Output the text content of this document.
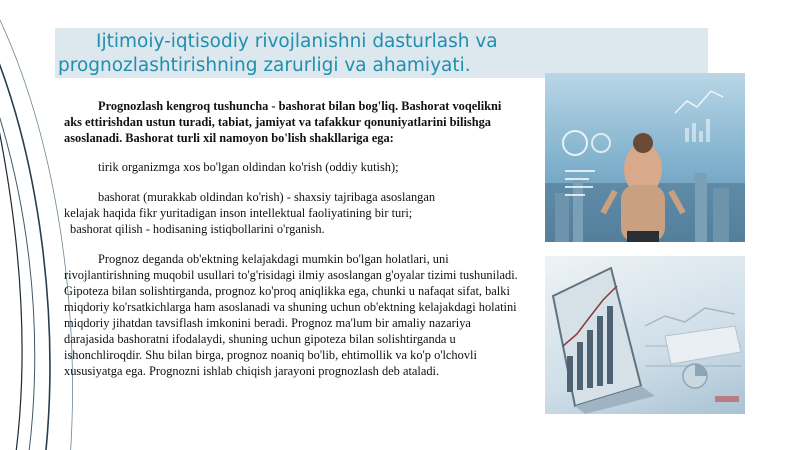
Ijtimoiy-iqtisodiy rivojlanishni dasturlash va
prognozlashtirishning zarurligi va ahamiyati.

Prognozlash kengroq tushuncha - bashorat bilan bog'liq. Bashorat voqelikni aks ettirishdan ustun turadi, tabiat, jamiyat va tafakkur qonuniyatlarini bilishga asoslanadi. Bashorat turli xil namoyon bo'lish shakllariga ega:

tirik organizmga xos bo'lgan oldindan ko'rish (oddiy kutish);

bashorat (murakkab oldindan ko'rish) - shaxsiy tajribaga asoslangan
kelajak haqida fikr yuritadigan inson intellektual faoliyatining bir turi;
bashorat qilish - hodisaning istiqbollarini o'rganish.

Prognoz deganda ob'ektning kelajakdagi mumkin bo'lgan holatlari, uni rivojlantirishning muqobil usullari to'g'risidagi ilmiy asoslangan g'oyalar tizimi tushuniladi. Gipoteza bilan solishtirganda, prognoz ko'proq aniqlikka ega, chunki u nafaqat sifat, balki miqdoriy ko'rsatkichlarga ham asoslanadi va shuning uchun ob'ektning kelajakdagi holatini miqdoriy jihatdan tavsiflash imkonini beradi. Prognoz ma'lum bir amaliy nazariya darajasida bashoratni ifodalaydi, shuning uchun gipoteza bilan solishtirganda u ishonchliroqdir. Shu bilan birga, prognoz noaniq bo'lib, ehtimollik va ko'p o'lchovli xususiyatga ega. Prognozni ishlab chiqish jarayoni prognozlash deb ataladi.
